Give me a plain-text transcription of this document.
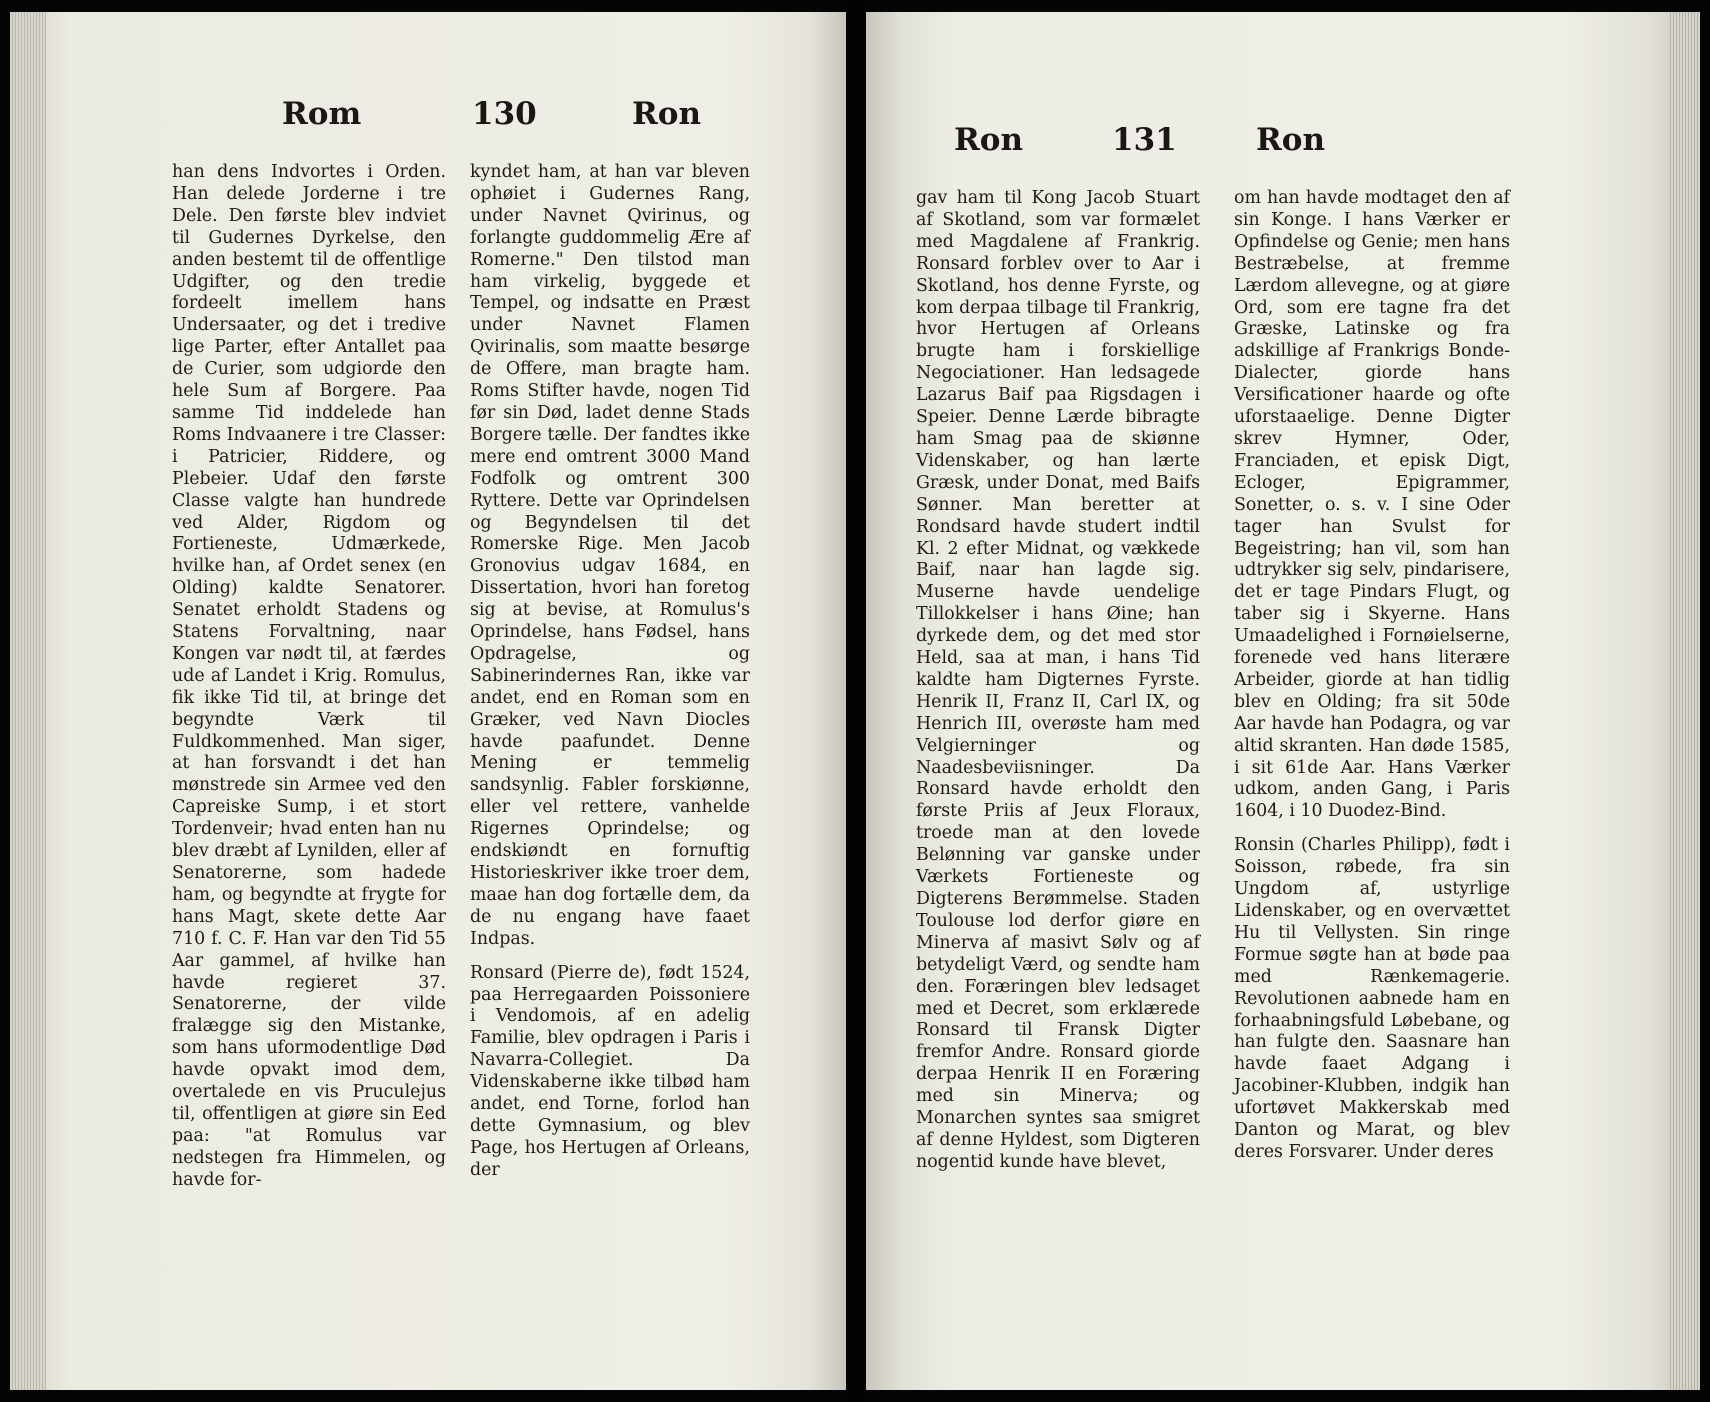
Rom	130	Ron

han dens Indvortes i Orden. Han delede Jorderne i tre Dele. Den første blev indviet til Gudernes Dyrkelse, den anden bestemt til de offentlige Udgifter, og den tredie fordeelt imellem hans Undersaater, og det i tredive lige Parter, efter Antallet paa de Curier, som udgiorde den hele Sum af Borgere. Paa samme Tid inddelede han Roms Indvaanere i tre Classer: i Patricier, Riddere, og Plebeier. Udaf den første Classe valgte han hundrede ved Alder, Rigdom og Fortieneste, Udmærkede, hvilke han, af Ordet senex (en Olding) kaldte Senatorer. Senatet erholdt Stadens og Statens Forvaltning, naar Kongen var nødt til, at færdes ude af Landet i Krig. Romulus, fik ikke Tid til, at bringe det begyndte Værk til Fuldkommenhed. Man siger, at han forsvandt i det han mønstrede sin Armee ved den Capreiske Sump, i et stort Tordenveir; hvad enten han nu blev dræbt af Lynilden, eller af Senatorerne, som hadede ham, og begyndte at frygte for hans Magt, skete dette Aar 710 f. C. F. Han var den Tid 55 Aar gammel, af hvilke han havde regieret 37. Senatorerne, der vilde fralægge sig den Mistanke, som hans uformodentlige Død havde opvakt imod dem, overtalede en vis Pruculejus til, offentligen at giøre sin Eed paa: "at Romulus var nedstegen fra Himmelen, og havde for-

kyndet ham, at han var bleven ophøiet i Gudernes Rang, under Navnet Qvirinus, og forlangte guddommelig Ære af Romerne." Den tilstod man ham virkelig, byggede et Tempel, og indsatte en Præst under Navnet Flamen Qvirinalis, som maatte besørge de Offere, man bragte ham. Roms Stifter havde, nogen Tid før sin Død, ladet denne Stads Borgere tælle. Der fandtes ikke mere end omtrent 3000 Mand Fodfolk og omtrent 300 Ryttere. Dette var Oprindelsen og Begyndelsen til det Romerske Rige. Men Jacob Gronovius udgav 1684, en Dissertation, hvori han foretog sig at bevise, at Romulus's Oprindelse, hans Fødsel, hans Opdragelse, og Sabinerindernes Ran, ikke var andet, end en Roman som en Græker, ved Navn Diocles havde paafundet. Denne Mening er temmelig sandsynlig. Fabler forskiønne, eller vel rettere, vanhelde Rigernes Oprindelse; og endskiøndt en fornuftig Historieskriver ikke troer dem, maae han dog fortælle dem, da de nu engang have faaet Indpas.

Ronsard (Pierre de), født 1524, paa Herregaarden Poissoniere i Vendomois, af en adelig Familie, blev opdragen i Paris i Navarra-Collegiet. Da Videnskaberne ikke tilbød ham andet, end Torne, forlod han dette Gymnasium, og blev Page, hos Hertugen af Orleans, der

Ron	131	Ron

gav ham til Kong Jacob Stuart af Skotland, som var formælet med Magdalene af Frankrig. Ronsard forblev over to Aar i Skotland, hos denne Fyrste, og kom derpaa tilbage til Frankrig, hvor Hertugen af Orleans brugte ham i forskiellige Negociationer. Han ledsagede Lazarus Baif paa Rigsdagen i Speier. Denne Lærde bibragte ham Smag paa de skiønne Videnskaber, og han lærte Græsk, under Donat, med Baifs Sønner. Man beretter at Rondsard havde studert indtil Kl. 2 efter Midnat, og vækkede Baif, naar han lagde sig. Muserne havde uendelige Tillokkelser i hans Øine; han dyrkede dem, og det med stor Held, saa at man, i hans Tid kaldte ham Digternes Fyrste. Henrik II, Franz II, Carl IX, og Henrich III, overøste ham med Velgierninger og Naadesbeviisninger. Da Ronsard havde erholdt den første Priis af Jeux Floraux, troede man at den lovede Belønning var ganske under Værkets Fortieneste og Digterens Berømmelse. Staden Toulouse lod derfor giøre en Minerva af masivt Sølv og af betydeligt Værd, og sendte ham den. Foræringen blev ledsaget med et Decret, som erklærede Ronsard til Fransk Digter fremfor Andre. Ronsard giorde derpaa Henrik II en Foræring med sin Minerva; og Monarchen syntes saa smigret af denne Hyldest, som Digteren nogentid kunde have blevet,

om han havde modtaget den af sin Konge. I hans Værker er Opfindelse og Genie; men hans Bestræbelse, at fremme Lærdom allevegne, og at giøre Ord, som ere tagne fra det Græske, Latinske og fra adskillige af Frankrigs Bonde-Dialecter, giorde hans Versificationer haarde og ofte uforstaaelige. Denne Digter skrev Hymner, Oder, Franciaden, et episk Digt, Ecloger, Epigrammer, Sonetter, o. s. v. I sine Oder tager han Svulst for Begeistring; han vil, som han udtrykker sig selv, pindarisere, det er tage Pindars Flugt, og taber sig i Skyerne. Hans Umaadelighed i Fornøielserne, forenede ved hans literære Arbeider, giorde at han tidlig blev en Olding; fra sit 50de Aar havde han Podagra, og var altid skranten. Han døde 1585, i sit 61de Aar. Hans Værker udkom, anden Gang, i Paris 1604, i 10 Duodez-Bind.

Ronsin (Charles Philipp), født i Soisson, røbede, fra sin Ungdom af, ustyrlige Lidenskaber, og en overvættet Hu til Vellysten. Sin ringe Formue søgte han at bøde paa med Rænkemagerie. Revolutionen aabnede ham en forhaabningsfuld Løbebane, og han fulgte den. Saasnare han havde faaet Adgang i Jacobiner-Klubben, indgik han ufortøvet Makkerskab med Danton og Marat, og blev deres Forsvarer. Under deres
